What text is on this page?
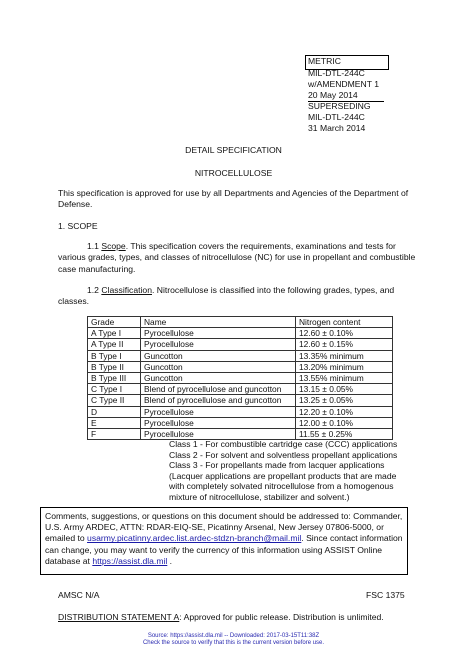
METRIC
MIL-DTL-244C
w/AMENDMENT 1
20 May 2014
SUPERSEDING
MIL-DTL-244C
31 March 2014
DETAIL SPECIFICATION
NITROCELLULOSE
This specification is approved for use by all Departments and Agencies of the Department of Defense.
1. SCOPE
1.1 Scope. This specification covers the requirements, examinations and tests for various grades, types, and classes of nitrocellulose (NC) for use in propellant and combustible case manufacturing.
1.2 Classification. Nitrocellulose is classified into the following grades, types, and classes.
Grade	Name	Nitrogen content
A Type I	Pyrocellulose	12.60 ± 0.10%
A Type II	Pyrocellulose	12.60 ± 0.15%
B Type I	Guncotton	13.35% minimum
B Type II	Guncotton	13.20% minimum
B Type III	Guncotton	13.55% minimum
C Type I	Blend of pyrocellulose and guncotton	13.15 ± 0.05%
C Type II	Blend of pyrocellulose and guncotton	13.25 ± 0.05%
D	Pyrocellulose	12.20 ± 0.10%
E	Pyrocellulose	12.00 ± 0.10%
F	Pyrocellulose	11.55 ± 0.25%
Class 1 - For combustible cartridge case (CCC) applications
Class 2 - For solvent and solventless propellant applications
Class 3 - For propellants made from lacquer applications
(Lacquer applications are propellant products that are made
with completely solvated nitrocellulose from a homogenous
mixture of nitrocellulose, stabilizer and solvent.)
Comments, suggestions, or questions on this document should be addressed to: Commander, U.S. Army ARDEC, ATTN: RDAR-EIQ-SE, Picatinny Arsenal, New Jersey 07806-5000, or emailed to usarmy.picatinny.ardec.list.ardec-stdzn-branch@mail.mil. Since contact information can change, you may want to verify the currency of this information using ASSIST Online database at https://assist.dla.mil .
AMSC N/A	FSC 1375
DISTRIBUTION STATEMENT A: Approved for public release. Distribution is unlimited.
Source: https://assist.dla.mil -- Downloaded: 2017-03-15T11:38Z
Check the source to verify that this is the current version before use.
